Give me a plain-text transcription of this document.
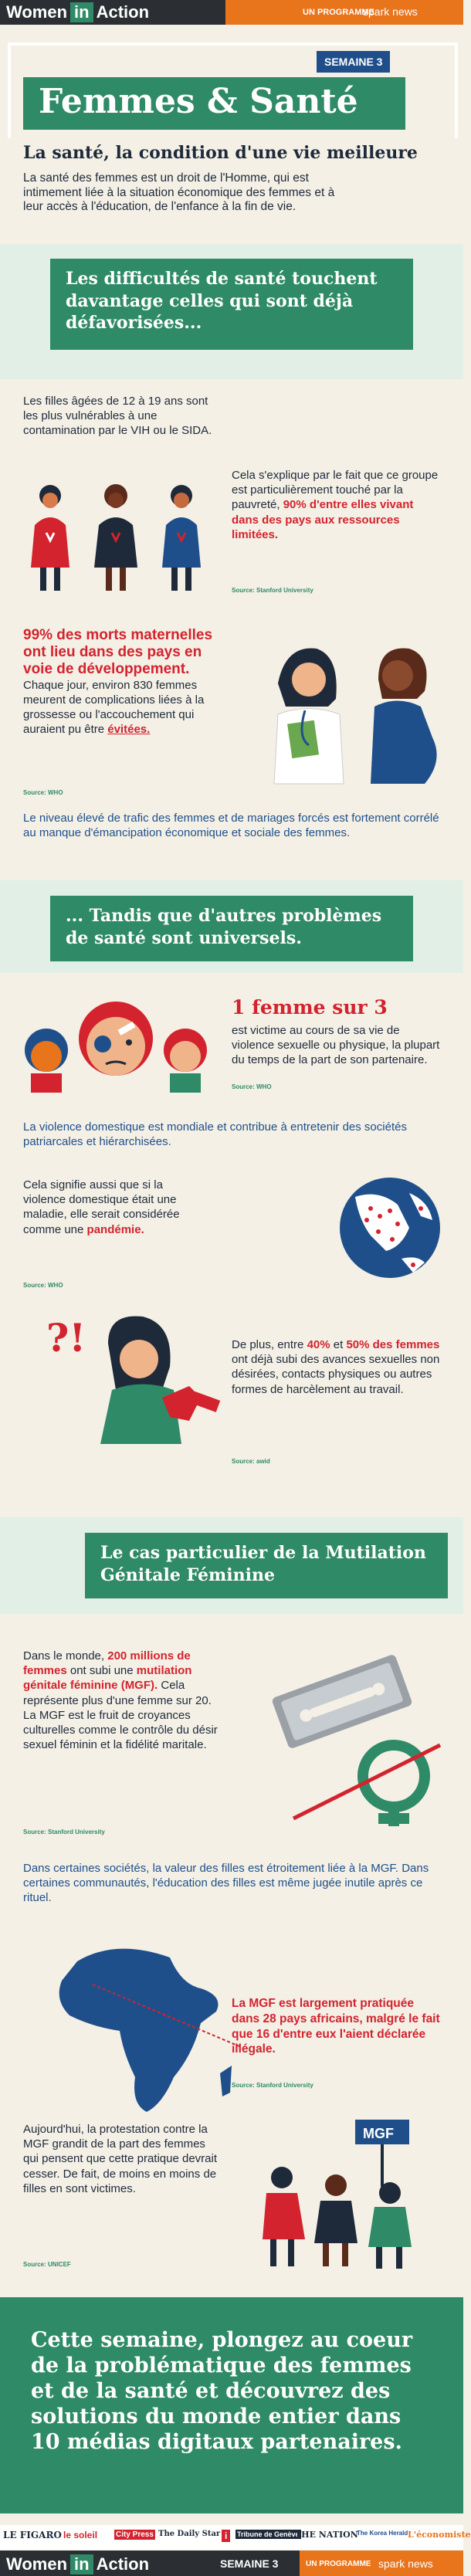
Women in Action	UN PROGRAMME
spark news
SEMAINE 3
Femmes & Santé
La santé, la condition d'une vie meilleure
La santé des femmes est un droit de l'Homme, qui est intimement liée à la situation économique des femmes et à leur accès à l'éducation, de l'enfance à la fin de vie.
Les difficultés de santé touchent davantage celles qui sont déjà défavorisées...
Les filles âgées de 12 à 19 ans sont les plus vulnérables à une contamination par le VIH ou le SIDA.
Cela s'explique par le fait que ce groupe est particulièrement touché par la pauvreté, 90% d'entre elles vivant dans des pays aux ressources limitées.
Source: Stanford University
99% des morts maternelles ont lieu dans des pays en voie de développement.
Chaque jour, environ 830 femmes meurent de complications liées à la grossesse ou l'accouchement qui auraient pu être évitées.
Source: WHO
Le niveau élevé de trafic des femmes et de mariages forcés est fortement corrélé au manque d'émancipation économique et sociale des femmes.
... Tandis que d'autres problèmes de santé sont universels.
1 femme sur 3
est victime au cours de sa vie de violence sexuelle ou physique, la plupart du temps de la part de son partenaire.
Source: WHO
La violence domestique est mondiale et contribue à entretenir des sociétés patriarcales et hiérarchisées.
Cela signifie aussi que si la violence domestique était une maladie, elle serait considérée comme une pandémie.
Source: WHO
?!	De plus, entre 40% et 50% des femmes ont déjà subi des avances sexuelles non désirées, contacts physiques ou autres formes de harcèlement au travail.
Source: awid
Le cas particulier de la Mutilation Génitale Féminine
Dans le monde, 200 millions de femmes ont subi une mutilation génitale féminine (MGF). Cela représente plus d'une femme sur 20. La MGF est le fruit de croyances culturelles comme le contrôle du désir sexuel féminin et la fidélité maritale.
Source: Stanford University
Dans certaines sociétés, la valeur des filles est étroitement liée à la MGF. Dans certaines communautés, l'éducation des filles est même jugée inutile après ce rituel.
La MGF est largement pratiquée dans 28 pays africains, malgré le fait que 16 d'entre eux l'aient déclarée illégale.
Source: Stanford University
Aujourd'hui, la protestation contre la MGF grandit de la part des femmes qui pensent que cette pratique devrait cesser. De fait, de moins en moins de filles en sont victimes.
Source: UNICEF
MGF

Cette semaine, plongez au coeur de la problématique des femmes et de la santé et découvrez des solutions du monde entier dans 10 médias digitaux partenaires.

LE FIGARO le soleil City Press The Daily Star i	Tribune de Genève
THE NATION
The Korea Herald L'économiste
Women in Action	SEMAINE 3	UN PROGRAMME spark news
